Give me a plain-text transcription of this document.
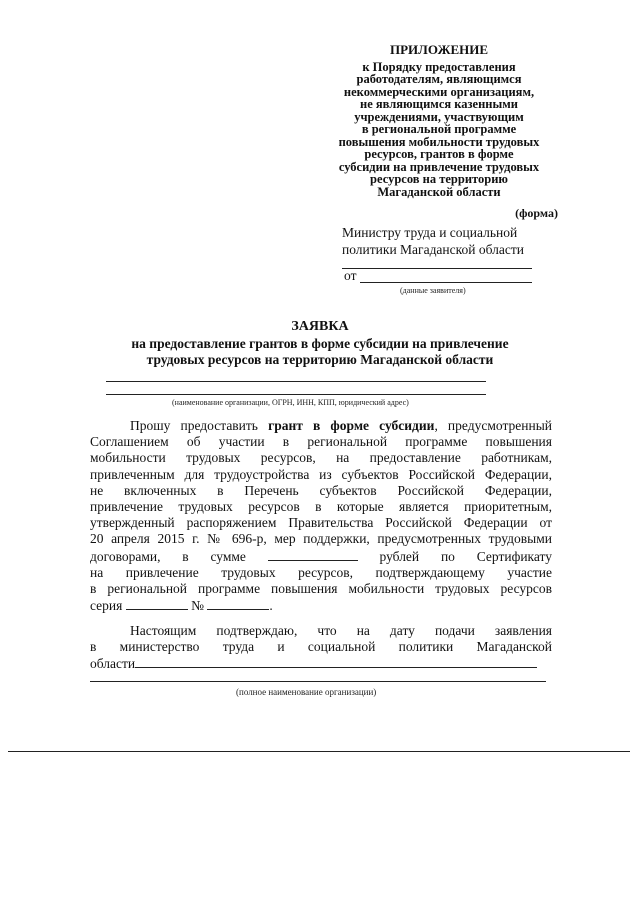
ПРИЛОЖЕНИЕ
к Порядку предоставления
работодателям, являющимся
некоммерческими организациям,
не являющимся казенными
учреждениями, участвующим
в региональной программе
повышения мобильности трудовых
ресурсов, грантов в форме
субсидии на привлечение трудовых
ресурсов на территорию
Магаданской области
(форма)
Министру труда и социальной
политики Магаданской области
от
(данные заявителя)
ЗАЯВКА
на предоставление грантов в форме субсидии на привлечение
трудовых ресурсов на территорию Магаданской области
(наименование организации, ОГРН, ИНН, КПП, юридический адрес)
Прошу предоставить грант в форме субсидии, предусмотренный
Соглашением об участии в региональной программе повышения
мобильности трудовых ресурсов, на предоставление работникам,
привлеченным для трудоустройства из субъектов Российской Федерации,
не включенных в Перечень субъектов Российской Федерации,
привлечение трудовых ресурсов в которые является приоритетным,
утвержденный распоряжением Правительства Российской Федерации от
20 апреля 2015 г. № 696-р, мер поддержки, предусмотренных трудовыми
договорами, в сумме	рублей по Сертификату
на привлечение трудовых ресурсов, подтверждающему участие
в региональной программе повышения мобильности трудовых ресурсов
серия	№	.
Настоящим подтверждаю, что на дату подачи заявления
в министерство труда и социальной политики Магаданской
области
(полное наименование организации)
